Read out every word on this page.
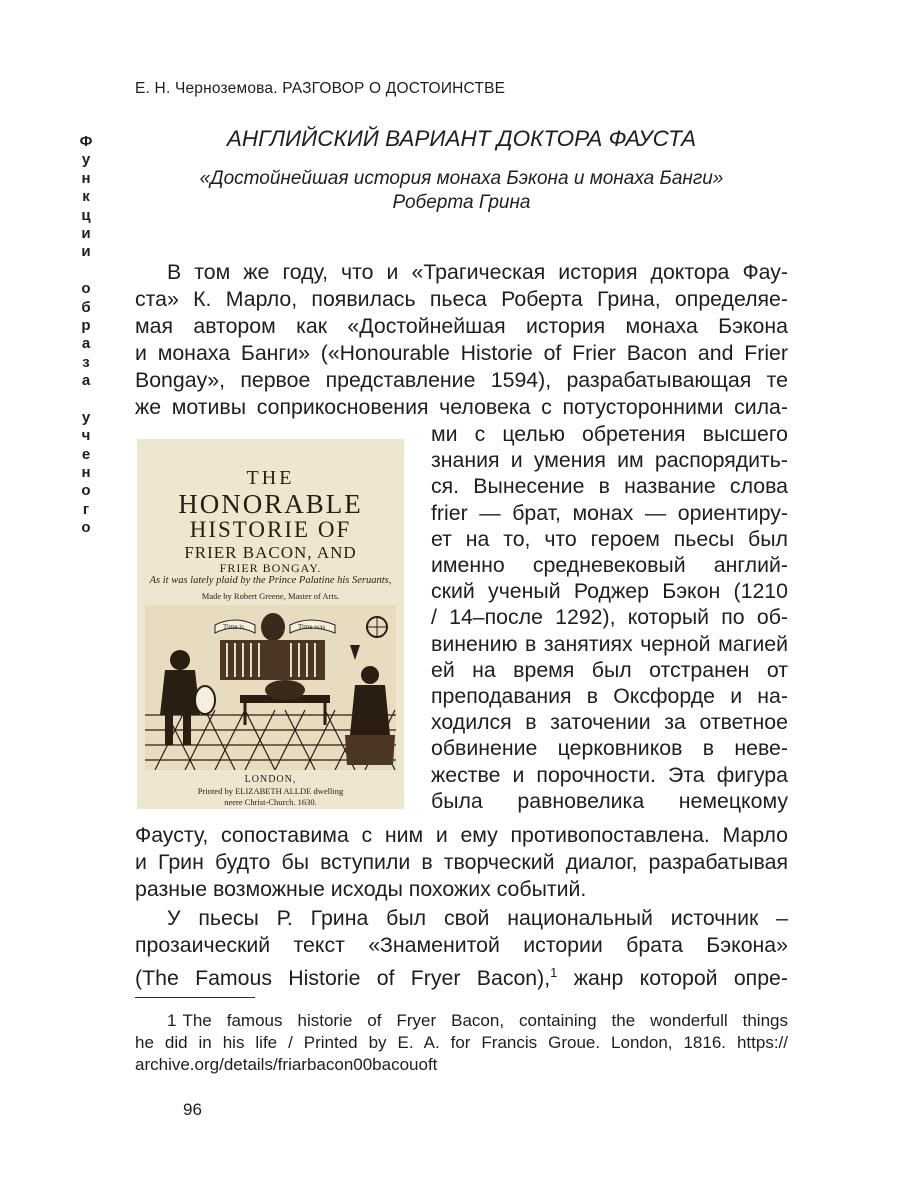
Е. Н. Черноземова. РАЗГОВОР О ДОСТОИНСТВЕ
Ф
у
н
к
ц
и
и
о
б
р
а
з
а
у
ч
е
н
о
г
о
АНГЛИЙСКИЙ ВАРИАНТ ДОКТОРА ФАУСТА
«Достойнейшая история монаха Бэкона и монаха Банги»
Роберта Грина
В том же году, что и «Трагическая история доктора Фау-
ста» К. Марло, появилась пьеса Роберта Грина, определяе-
мая автором как «Достойнейшая история монаха Бэкона
и монаха Банги» («Honourable Historie of Frier Bacon and Frier
Bongay», первое представление 1594), разрабатывающая те
же мотивы соприкосновения человека с потусторонними сила-
THE
HONORABLE
HISTORIE OF
FRIER BACON, AND
FRIER BONGAY.
As it was lately plaid by the Prince Palatine his Seruants,
Made by Robert Greene, Master of Arts.
Time is	Time was
LONDON,
Printed by ELIZABETH ALLDE dwelling
neere Christ-Church. 1630.
ми с целью обретения высшего
знания и умения им распорядить-
ся. Вынесение в название слова
frier — брат, монах — ориентиру-
ет на то, что героем пьесы был
именно средневековый англий-
ский ученый Роджер Бэкон (1210
/ 14–после 1292), который по об-
винению в занятиях черной магией
ей на время был отстранен от
преподавания в Оксфорде и на-
ходился в заточении за ответное
обвинение церковников в неве-
жестве и порочности. Эта фигура
была равновелика немецкому
Фаусту, сопоставима с ним и ему противопоставлена. Марло
и Грин будто бы вступили в творческий диалог, разрабатывая
разные возможные исходы похожих событий.
У пьесы Р. Грина был свой национальный источник –
прозаический текст «Знаменитой истории брата Бэкона»
(The Famous Historie of Fryer Bacon),$^1$ жанр которой опре-
1 The famous historie of Fryer Bacon, containing the wonderfull things
he did in his life / Printed by E. A. for Francis Groue. London, 1816. https://
archive.org/details/friarbacon00bacouoft
96
